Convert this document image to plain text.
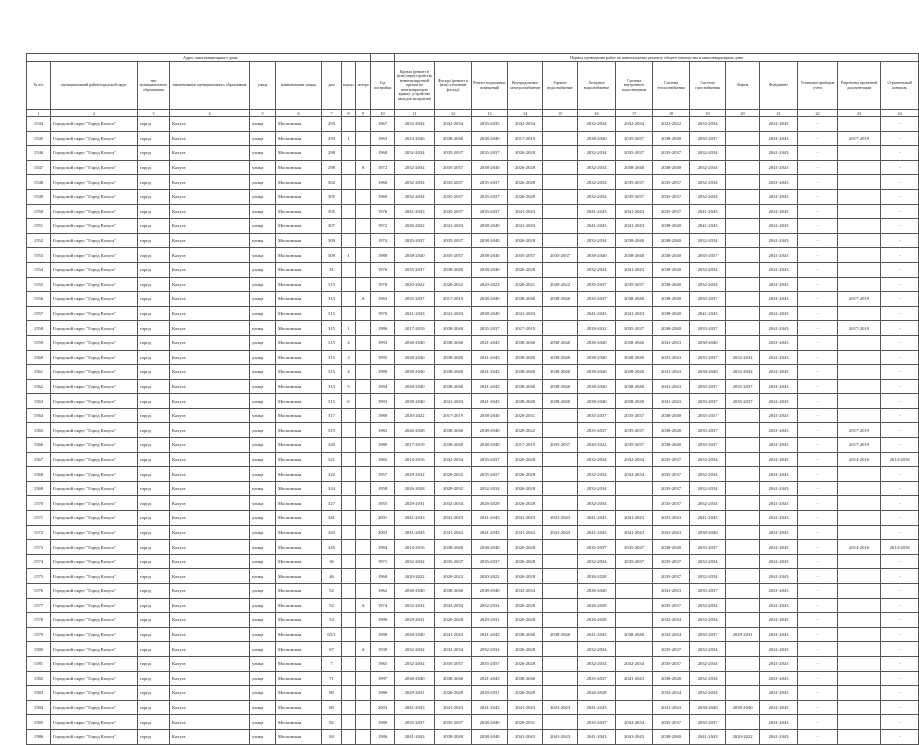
	Адрес многоквартирного дома									Период проведения работ по капитальному ремонту общего имущества в многоквартирном доме													
№ п/п	муниципальный район/городской округ	тип муниципального образования	наименование муниципального образования	улица	наименование улицы	дом	корпус	литера	Год постройки	Кровля (ремонт и (или) переустройство невентилируемой крыши на вентилируемую крышу, устройство выходов на кровлю)	Фасады (ремонт и (или) утепление фасада)	Ремонт подвальных помещений	Внутридомовое электроснабжение	Горячее водоснабжение	Холодное водоснабжение	Система внутреннего водоотведения	Система теплоснабжения	Система газоснабжения	Лифты	Фундамент	Установка приборов учета	Разработка проектной документации	Строительный контроль
1	2	3	4	5	6	7	8	9	10	11	12	13	14	15	16	17	18	19	20	21	22	23	24
1544	Городской округ "Город Калуга"	город	Калуга	улица	Московская	293			1967	2032-2034	2032-2034	2035-2035	2032-2034		2032-2034	2032-2034	2022-2022	2032-2034		2041-2043	-		-
1545	Городской округ "Город Калуга"	город	Калуга	улица	Московская	293	1		1963	2023-2046	2038-2040	2038-2040	2017-2019		2038-2040	2035-2037	2038-2040	2035-2037		2041-2043	-	2017-2019	-
1546	Городской округ "Город Калуга"	город	Калуга	улица	Московская	298			1960	2032-2034	2035-2037	2035-2037	2026-2028		2032-2034	2035-2037	2035-2037	2032-2034		2041-2043	-		-
1547	Городской округ "Город Калуга"	город	Калуга	улица	Московская	298		А	1972	2032-2034	2035-2037	2038-2040	2026-2028		2032-2034	2038-2040	2038-2040	2032-2034		2041-2043	-		-
1548	Городской округ "Город Калуга"	город	Калуга	улица	Московская	302			1960	2032-2034	2035-2037	2035-2037	2026-2028		2032-2034	2035-2037	2035-2037	2032-2034		2041-2043	-		-
1549	Городской округ "Город Калуга"	город	Калуга	улица	Московская	305			1969	2032-2034	2035-2037	2035-2037	2026-2028		2032-2034	2035-2037	2035-2037	2032-2034		2041-2043	-		-
1550	Городской округ "Город Калуга"	город	Калуга	улица	Московская	305			1976	2041-2043	2035-2037	2035-2037	2041-2043		2041-2043	2041-2043	2035-2037	2041-2043		2041-2043	-		-
1551	Городской округ "Город Калуга"	город	Калуга	улица	Московская	307			1972	2026-2022	2041-2043	2038-2040	2041-2043		2041-2043	2041-2043	2038-2040	2041-2043		2041-2043	-		-
1552	Городской округ "Город Калуга"	город	Калуга	улица	Московская	309			1974	2035-2037	2035-2037	2038-2040	2026-2028		2032-2034	2038-2040	2038-2040	2032-2034		2041-2043	-		-
1553	Городской округ "Город Калуга"	город	Калуга	улица	Московская	309	1		1988	2038-2040	2035-2037	2038-2040	2035-2037	2035-2037	2038-2040	2038-2040	2038-2040	2035-2037		2041-2043	-		-
1554	Городской округ "Город Калуга"	город	Калуга	улица	Московская	31			1976	2035-2037	2038-2040	2038-2040	2026-2028		2032-2034	2041-2043	2038-2040	2032-2034		2041-2043	-		-
1555	Городской округ "Город Калуга"	город	Калуга	улица	Московская	313			1978	2020-2022	2020-2022	2020-2022	2020-2021	2020-2022	2035-2037	2035-2037	2038-2040	2032-2034		2041-2043	-		-
1556	Городской округ "Город Калуга"	город	Калуга	улица	Московская	315		А	1983	2035-2037	2017-2019	2038-2040	2038-2040	2038-2040	2035-2037	2038-2040	2038-2040	2035-2037		2041-2043	-	2017-2019	-
1557	Городской округ "Город Калуга"	город	Калуга	улица	Московская	315			1978	2041-2043	2041-2043	2038-2040	2041-2043		2041-2043	2041-2043	2038-2040	2041-2043		2041-2043	-		-
1558	Городской округ "Город Калуга"	город	Калуга	улица	Московская	315	1		1986	2017-2019	2038-2040	2035-2037	2017-2019		2029-2032	2035-2037	2038-2040	2035-2037		2041-2043	-	2017-2019	-
1559	Городской округ "Город Калуга"	город	Калуга	улица	Московская	315	2		1993	2038-2040	2038-2040	2041-2043	2038-2040	2038-2040	2038-2040	2038-2040	2041-2043	2038-2040		2041-2043	-		-
1560	Городской округ "Город Калуга"	город	Калуга	улица	Московская	315	3		1995	2038-2040	2038-2040	2041-2043	2038-2040	2038-2040	2038-2040	2038-2040	2041-2043	2035-2037	2032-2034	2041-2043	-		-
1561	Городской округ "Город Калуга"	город	Калуга	улица	Московская	315	4		1988	2038-2040	2038-2040	2041-2043	2038-2040	2038-2040	2038-2040	2038-2040	2041-2043	2038-2040	2032-2034	2041-2043	-		-
1562	Городской округ "Город Калуга"	город	Калуга	улица	Московская	315	5		1994	2038-2040	2038-2040	2041-2043	2038-2040	2038-2040	2038-2040	2038-2040	2041-2043	2035-2037	2035-2037	2041-2043	-		-
1563	Городской округ "Город Калуга"	город	Калуга	улица	Московская	315	6		1993	2038-2040	2041-2043	2041-2043	2038-2040	2038-2040	2038-2040	2038-2040	2041-2043	2035-2037	2035-2037	2041-2043	-		-
1564	Городской округ "Город Калуга"	город	Калуга	улица	Московская	317			1980	2020-2022	2017-2019	2038-2040	2029-2031		2035-2037	2035-2037	2038-2040	2035-2037		2041-2043	-		-
1565	Городской округ "Город Калуга"	город	Калуга	улица	Московская	319			1982	2026-2028	2038-2040	2038-2040	2020-2022		2035-2037	2035-2037	2038-2040	2035-2037		2041-2043	-	2017-2019	-
1566	Городской округ "Город Калуга"	город	Калуга	улица	Московская	320			1980	2017-2019	2038-2040	2038-2040	2017-2019	2035-2037	2020-2022	2035-2037	2038-2040	2035-2037		2041-2043	-	2017-2019	-
1567	Городской округ "Город Калуга"	город	Калуга	улица	Московская	321			1965	2014-2016	2032-2034	2035-2037	2026-2028		2032-2034	2032-2034	2035-2037	2032-2034		2041-2043	-	2014-2016	2014-2016
1568	Городской округ "Город Калуга"	город	Калуга	улица	Московская	322			1957	2029-2032	2029-2032	2035-2037	2026-2028		2032-2034	2032-2034	2035-2037	2032-2034		2041-2043	-		-
1569	Городской округ "Город Калуга"	город	Калуга	улица	Московская	324			1958	2026-2028	2029-2032	2032-2034	2026-2028		2032-2034		2035-2037	2032-2034		2041-2043	-		-
1570	Городской округ "Город Калуга"	город	Калуга	улица	Московская	327			1955	2029-2031	2032-2034	2026-2028	2026-2028		2032-2034		2035-2037	2032-2034		2041-2043	-		-
1571	Городской округ "Город Калуга"	город	Калуга	улица	Московская	341			2001	2041-2043	2041-2043	2041-2043	2041-2043	2041-2043	2041-2043	2041-2043	2041-2043	2041-2043		2041-2043	-		-
1572	Городской округ "Город Калуга"	город	Калуга	улица	Московская	343			2003	2041-2043	2041-2043	2041-2043	2041-2043	2041-2043	2041-2043	2041-2043	2041-2043	2038-2040		2041-2043	-		-
1573	Городской округ "Город Калуга"	город	Калуга	улица	Московская	345			1984	2014-2016	2038-2040	2038-2040	2026-2028		2035-2037	2035-2037	2038-2040	2035-2037		2041-2043	-	2014-2016	2014-2016
1574	Городской округ "Город Калуга"	город	Калуга	улица	Московская	36			1971	2032-2034	2035-2037	2035-2037	2026-2028		2032-2034	2035-2037	2035-2037	2032-2034		2041-2043	-		-
1575	Городской округ "Город Калуга"	город	Калуга	улица	Московская	46			1960	2020-2022	2020-2022	2020-2022	2026-2028		2026-2028		2035-2037	2032-2034		2041-2043	-		-
1576	Городской округ "Город Калуга"	город	Калуга	улица	Московская	52			1962	2038-2040	2038-2040	2038-2040	2032-2034		2038-2040		2041-2043	2035-2037		2041-2043	-		-
1577	Городской округ "Город Калуга"	город	Калуга	улица	Московская	52		А	1974	2032-2034	2032-2034	2032-2034	2026-2028		2026-2028		2035-2037	2032-2034		2041-2043	-		-
1578	Городской округ "Город Калуга"	город	Калуга	улица	Московская	54			1990	2029-2031	2026-2028	2029-2031	2026-2028		2026-2028		2032-2034	2032-2034		2041-2043	-		-
1579	Городской округ "Город Калуга"	город	Калуга	улица	Московская	65/1			1998	2038-2040	2041-2043	2041-2043	2038-2040	2038-2040	2041-2043	2038-2040	2032-2034	2035-2037	2029-2031	2041-2043	-		-
1580	Городской округ "Город Калуга"	город	Калуга	улица	Московская	67		А	1939	2032-2034	2032-2034	2032-2034	2026-2028		2032-2034		2035-2037	2032-2034		2041-2043	-		-
1581	Городской округ "Город Калуга"	город	Калуга	улица	Московская	7			1965	2032-2034	2035-2037	2035-2037	2026-2028		2032-2034	2032-2034	2035-2037	2032-2034		2041-2043	-		-
1582	Городской округ "Город Калуга"	город	Калуга	улица	Московская	71			1997	2038-2040	2038-2040	2041-2043	2038-2040		2035-2037	2041-2043	2038-2040	2032-2034		2041-2043	-		-
1583	Городской округ "Город Калуга"	город	Калуга	улица	Московская	80			1986	2029-2031	2026-2028	2029-2031	2026-2028		2026-2028		2032-2034	2032-2034		2041-2043	-		-
1584	Городской округ "Город Калуга"	город	Калуга	улица	Московская	80			2003	2041-2043	2041-2043	2041-2043	2041-2043	2041-2043	2041-2043		2041-2043	2038-2040	2038-2040	2041-2043	-		-
1585	Городской округ "Город Калуга"	город	Калуга	улица	Московская	82			1980	2035-2037	2035-2037	2038-2040	2029-2031		2035-2037	2032-2034	2035-2037	2035-2037		2041-2043	-		-
1586	Городской округ "Город Калуга"	город	Калуга	улица	Московская	84			1986	2041-2043	2038-2040	2038-2040	2041-2043	2041-2043	2041-2043	2041-2043	2038-2040	2041-2043	2020-2022	2041-2043	-		-
